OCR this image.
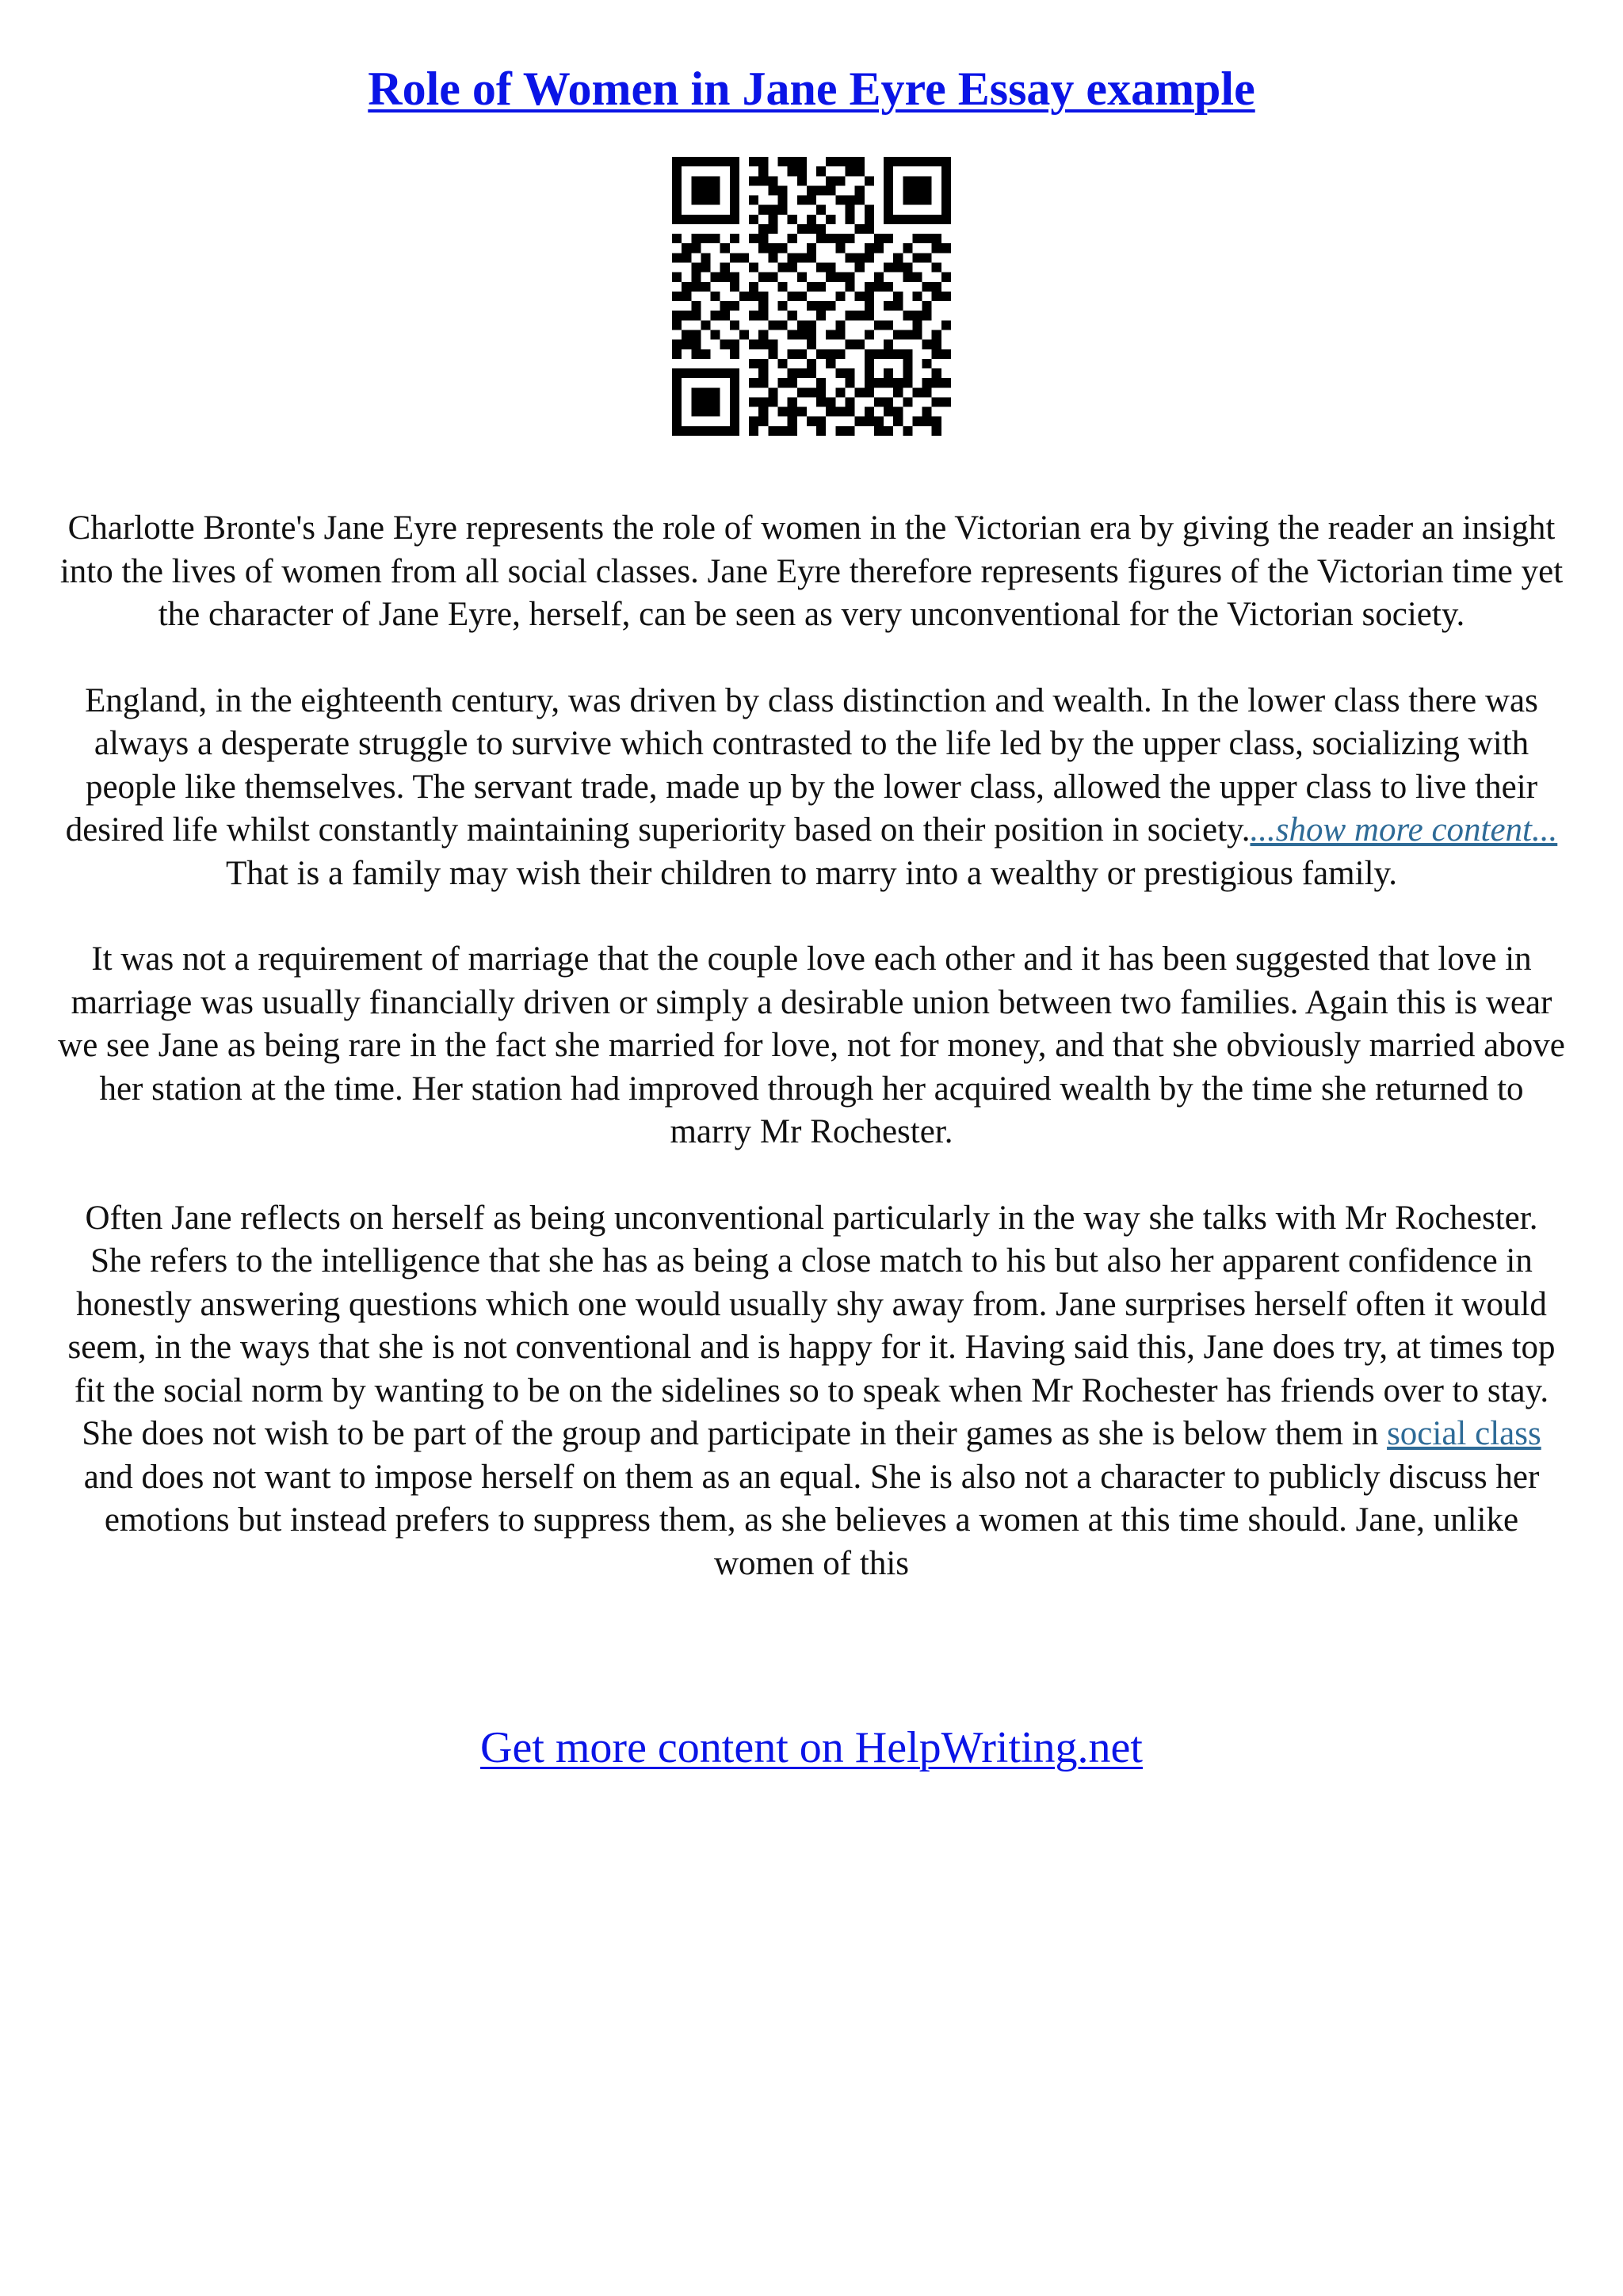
Role of Women in Jane Eyre Essay example

Charlotte Bronte's Jane Eyre represents the role of women in the Victorian era by giving the reader an insight into the lives of women from all social classes. Jane Eyre therefore represents figures of the Victorian time yet the character of Jane Eyre, herself, can be seen as very unconventional for the Victorian society.

England, in the eighteenth century, was driven by class distinction and wealth. In the lower class there was always a desperate struggle to survive which contrasted to the life led by the upper class, socializing with people like themselves. The servant trade, made up by the lower class, allowed the upper class to live their desired life whilst constantly maintaining superiority based on their position in society....show more content...

That is a family may wish their children to marry into a wealthy or prestigious family.

It was not a requirement of marriage that the couple love each other and it has been suggested that love in marriage was usually financially driven or simply a desirable union between two families. Again this is wear we see Jane as being rare in the fact she married for love, not for money, and that she obviously married above her station at the time. Her station had improved through her acquired wealth by the time she returned to marry Mr Rochester.

Often Jane reflects on herself as being unconventional particularly in the way she talks with Mr Rochester. She refers to the intelligence that she has as being a close match to his but also her apparent confidence in honestly answering questions which one would usually shy away from. Jane surprises herself often it would seem, in the ways that she is not conventional and is happy for it. Having said this, Jane does try, at times top fit the social norm by wanting to be on the sidelines so to speak when Mr Rochester has friends over to stay. She does not wish to be part of the group and participate in their games as she is below them in social class and does not want to impose herself on them as an equal. She is also not a character to publicly discuss her emotions but instead prefers to suppress them, as she believes a women at this time should. Jane, unlike women of this

Get more content on HelpWriting.net
